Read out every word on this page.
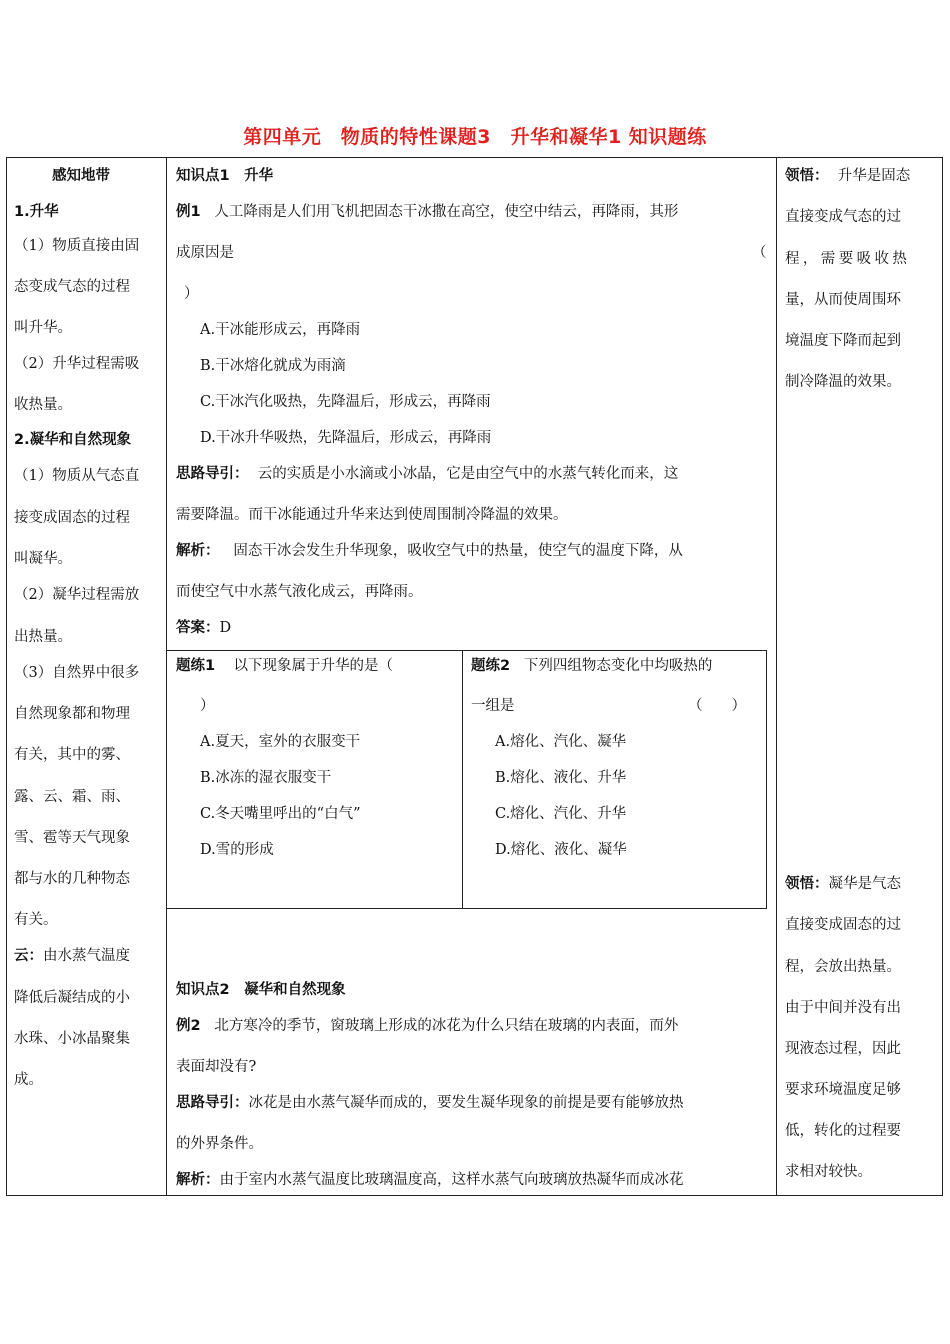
第四单元　物质的特性课题3　升华和凝华1 知识题练
感知地带
1.升华
（1）物质直接由固
态变成气态的过程
叫升华。
（2）升华过程需吸
收热量。
2.凝华和自然现象
（1）物质从气态直
接变成固态的过程
叫凝华。
（2）凝华过程需放
出热量。
（3）自然界中很多
自然现象都和物理
有关，其中的雾、
露、云、霜、雨、
雪、雹等天气现象
都与水的几种物态
有关。
云：由水蒸气温度
降低后凝结成的小
水珠、小冰晶聚集
成。
知识点1　升华
例1 人工降雨是人们用飞机把固态干冰撒在高空，使空中结云，再降雨，其形
成原因是	（
）
A.干冰能形成云，再降雨
B.干冰熔化就成为雨滴
C.干冰汽化吸热，先降温后，形成云，再降雨
D.干冰升华吸热，先降温后，形成云，再降雨
思路导引： 云的实质是小水滴或小冰晶，它是由空气中的水蒸气转化而来，这
需要降温。而干冰能通过升华来达到使周围制冷降温的效果。
解析： 固态干冰会发生升华现象，吸收空气中的热量，使空气的温度下降，从
而使空气中水蒸气液化成云，再降雨。
答案：D
题练1 以下现象属于升华的是（
）
A.夏天，室外的衣服变干
B.冰冻的湿衣服变干
C.冬天嘴里呼出的“白气”
D.雪的形成
题练2 下列四组物态变化中均吸热的
一组是	（　　）
A.熔化、汽化、凝华
B.熔化、液化、升华
C.熔化、汽化、升华
D.熔化、液化、凝华
知识点2　凝华和自然现象
例2 北方寒冷的季节，窗玻璃上形成的冰花为什么只结在玻璃的内表面，而外
表面却没有?
思路导引：冰花是由水蒸气凝华而成的，要发生凝华现象的前提是要有能够放热
的外界条件。
解析：由于室内水蒸气温度比玻璃温度高，这样水蒸气向玻璃放热凝华而成冰花
领悟： 升华是固态
直接变成气态的过
程，需要吸收热
量，从而使周围环
境温度下降而起到
制冷降温的效果。
领悟：凝华是气态
直接变成固态的过
程，会放出热量。
由于中间并没有出
现液态过程，因此
要求环境温度足够
低，转化的过程要
求相对较快。
